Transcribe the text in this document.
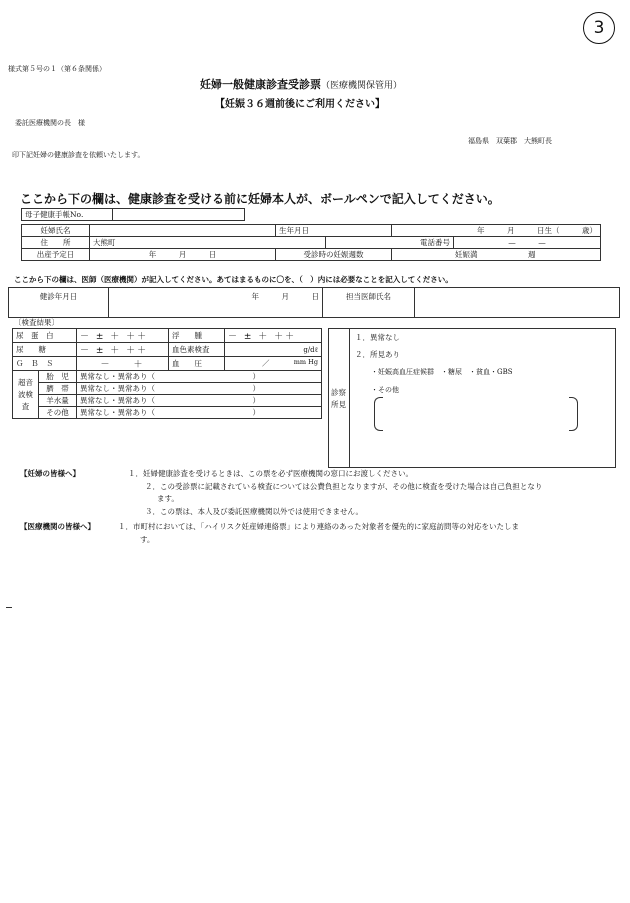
3
様式第５号の１（第６条関係）
妊婦一般健康診査受診票（医療機関保管用）
【妊娠３６週前後にご利用ください】
委託医療機関の長　様
福島県　双葉郡　大熊町長
印下記妊婦の健康診査を依頼いたします。
ここから下の欄は、健康診査を受ける前に妊婦本人が、ボールペンで記入してください。
母子健康手帳No.	
妊婦氏名		生年月日		年　　　月　　　日生（　　　歳）	
住　　所	大熊町		電話番号		—　　　—
出産予定日	年　　　月　　　日	受診時の妊娠週数		妊娠満 週	
ここから下の欄は、医師（医療機関）が記入してください。あてはまるものに〇を、（　）内には必要なことを記入してください。
健診年月日	年　　　月　　　日	担当医師氏名	
〔検査結果〕
尿　蛋　白		－ ± ＋ ＋＋	浮　　腫	－ ± ＋ ＋＋
尿　　糖		－ ± ＋ ＋＋	血色素検査	g/dℓ
Ｇ　Ｂ　Ｓ		－　　＋	血　　圧	／ mm Hg

超音波検査	胎　児	異常なし・異常あり（　　　　　　　　　　　　　）		
	臍　帯	異常なし・異常あり（　　　　　　　　　　　　　）		
	羊水量	異常なし・異常あり（　　　　　　　　　　　　　）		
	その他	異常なし・異常あり（　　　　　　　　　　　　　）		
診察所見
１．異常なし
２．所見あり
・妊娠高血圧症候群　・糖尿　・貧血・GBS
・その他
【妊婦の皆様へ】	１．妊婦健康診査を受けるときは、この票を必ず医療機関の窓口にお渡しください。
２．この受診票に記載されている検査については公費負担となりますが、その他に検査を受けた場合は自己負担となり
ます。
３．この票は、本人及び委託医療機関以外では使用できません。
【医療機関の皆様へ】	１．市町村においては、「ハイリスク妊産婦連絡票」により連絡のあった対象者を優先的に家庭訪問等の対応をいたしま
す。
